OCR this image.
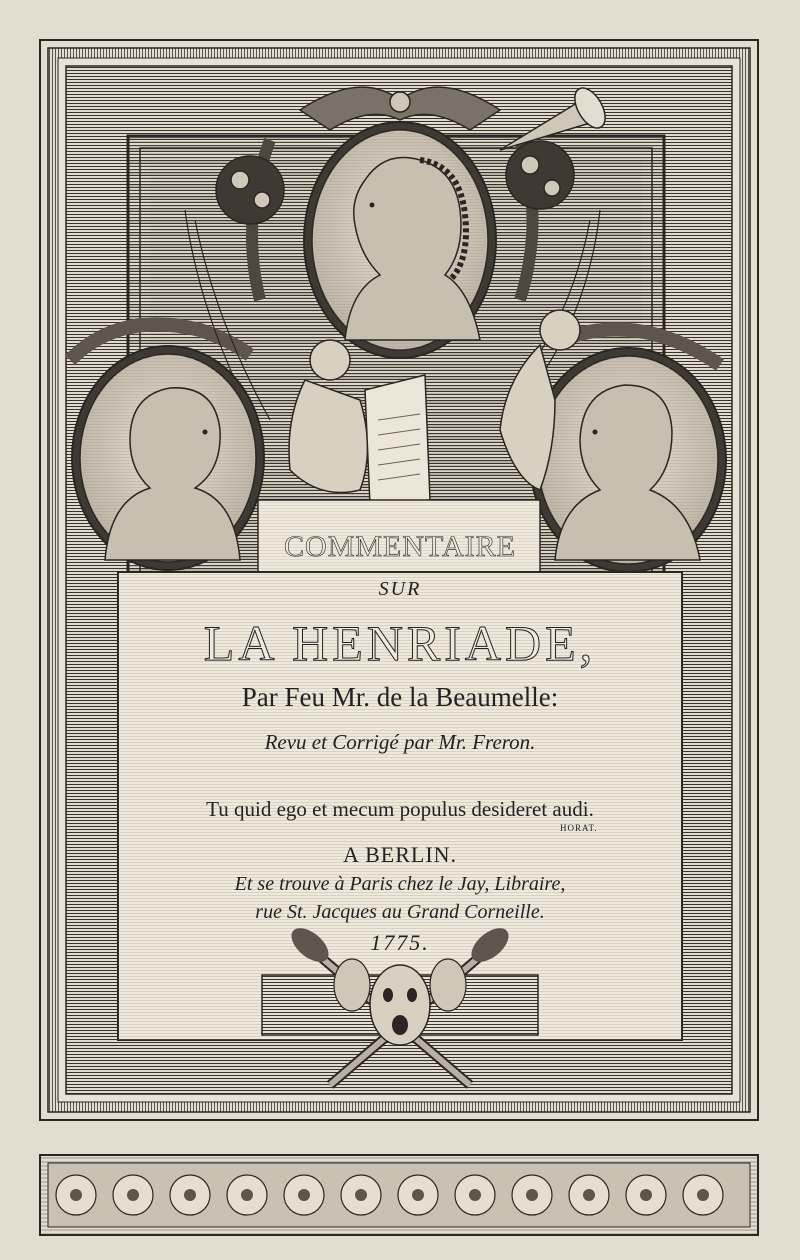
COMMENTAIRE
SUR
LA HENRIADE,
Par Feu Mr. de la Beaumelle:
Revu et Corrigé par Mr. Freron.
Tu quid ego et mecum populus desideret audi.
HORAT.
A BERLIN.
Et se trouve à Paris chez le Jay, Libraire,
rue St. Jacques au Grand Corneille.
1775.
